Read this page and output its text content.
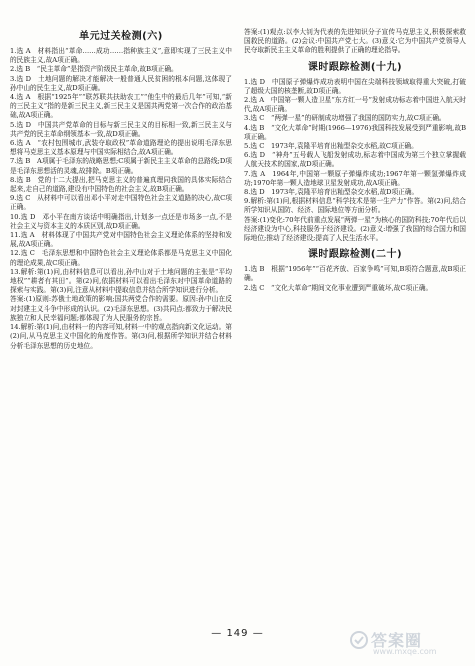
单元过关检测(六)

1.选 A　材料指出“革命……成功……指种族主义”,意即实现了三民主义中的民族主义,故A项正确。

2.选 B　“民主革命”是指资产阶级民主革命,故B项正确。

3.选 D　土地问题的解决才能解决一般普通人民贫困的根本问题,这体现了孙中山的民生主义,故D项正确。

4.选 A　根据“1925年”“联苏联共扶助农工”“他生中的最后几年”可知,“新的三民主义”指的是新三民主义,新三民主义是国共两党第一次合作的政治基础,故A项正确。

5.选 D　中国共产党革命的目标与新三民主义的目标相一致,新三民主义与共产党的民主革命纲领基本一致,故D项正确。

6.选 A　“农村包围城市,武装夺取政权”革命道路理论的提出说明毛泽东思想将马克思主义基本原理与中国实际相结合,故A项正确。

7.选 B　A项属于毛泽东的战略思想;C项属于新民主主义革命的总路线;D项是毛泽东思想活的灵魂,故排除。B项正确。

8.选 B　党的十二大提出,把马克思主义的普遍真理同我国的具体实际结合起来,走自己的道路,建设有中国特色的社会主义,故B项正确。

9.选 C　从材料中可以看出邓小平对走中国特色社会主义道路的决心,故C项正确。

10.选 D　邓小平在南方谈话中明确指出,计划多一点还是市场多一点,不是社会主义与资本主义的本质区别,故D项正确。

11.选 A　材料体现了中国共产党对中国特色社会主义理论体系的坚持和发展,故A项正确。

12.选 C　毛泽东思想和中国特色社会主义理论体系都是马克思主义中国化的理论成果,故C项正确。

13.解析:第(1)问,由材料信息可以看出,孙中山对于土地问题的主张是“平均地权”“耕者有其田”。第(2)问,依据材料可以看出毛泽东对中国革命道路的探索与实践。第(3)问,注意从材料中提取信息并结合所学知识进行分析。

答案:(1)原则:苏俄土地政策的影响;国共两党合作的需要。原因:孙中山在反对封建主义斗争中形成的认识。(2)毛泽东思想。(3)共同点:都致力于解决民族独立和人民幸福问题;都体现了为人民服务的宗旨。

14.解析:第(1)问,由材料一的内容可知,材料一中的观点指向新文化运动。第(2)问,从马克思主义中国化的角度作答。第(3)问,根据所学知识并结合材料分析毛泽东思想的历史地位。

答案:(1)观点:以李大钊为代表的先进知识分子宣传马克思主义,积极探索救国救民的道路。(2)会议:中国共产党七大。(3)意义:它为中国共产党领导人民夺取新民主主义革命的胜利提供了正确的理论指导。

课时跟踪检测(十九)

1.选 D　中国原子弹爆炸成功表明中国在尖端科技领域取得重大突破,打破了超级大国的核垄断,故D项正确。

2.选 A　中国第一颗人造卫星“东方红一号”发射成功标志着中国进入航天时代,故A项正确。

3.选 C　“两弹一星”的研制成功增强了我国的国防实力,故C项正确。

4.选 B　“文化大革命”时期(1966—1976)我国科技发展受到严重影响,故B项正确。

5.选 C　1973年,袁隆平培育出籼型杂交水稻,故C项正确。

6.选 D　“神舟”五号载人飞船发射成功,标志着中国成为第三个独立掌握载人航天技术的国家,故D项正确。

7.选 A　1964年,中国第一颗原子弹爆炸成功;1967年第一颗氢弹爆炸成功;1970年第一颗人造地球卫星发射成功,故A项正确。

8.选 D　1973年,袁隆平培育出籼型杂交水稻,故D项正确。

9.解析:第(1)问,根据材料信息“科学技术是第一生产力”作答。第(2)问,结合所学知识从国防、经济、国际地位等方面分析。

答案:(1)变化:70年代前重点发展“两弹一星”为核心的国防科技;70年代后以经济建设为中心,科技服务于经济建设。(2)意义:增强了我国的综合国力和国际地位;推动了经济建设;提高了人民生活水平。

课时跟踪检测(二十)

1.选 B　根据“1956年”“百花齐放、百家争鸣”可知,B项符合题意,故B项正确。

2.选 C　“文化大革命”期间文化事业遭到严重破坏,故C项正确。

— 149 —	答案圈
www.mxqe.com
